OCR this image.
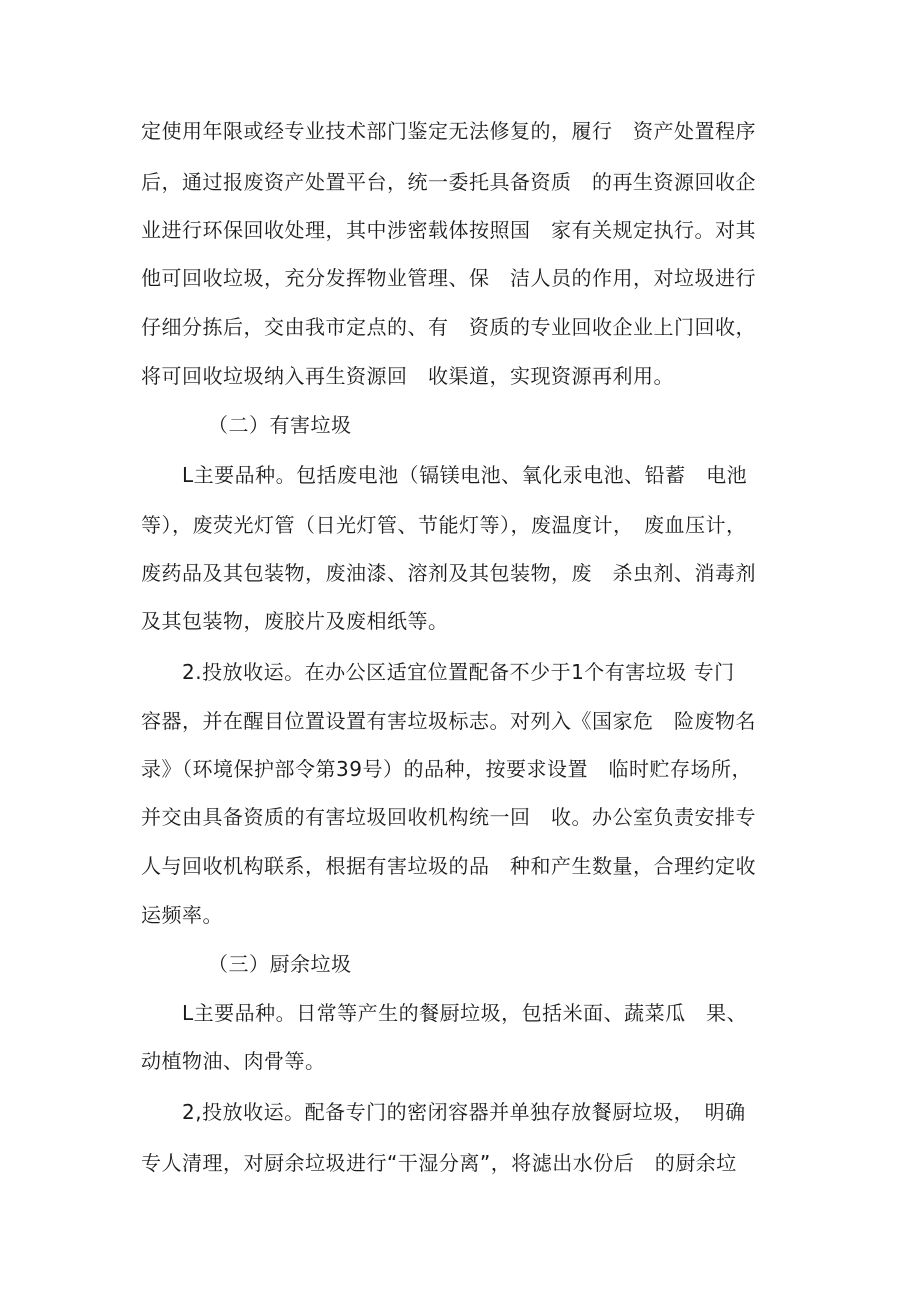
定使用年限或经专业技术部门鉴定无法修复的，履行　资产处置程序
后，通过报废资产处置平台，统一委托具备资质　的再生资源回收企
业进行环保回收处理，其中涉密载体按照国　家有关规定执行。对其
他可回收垃圾，充分发挥物业管理、保　洁人员的作用，对垃圾进行
仔细分拣后，交由我市定点的、有　资质的专业回收企业上门回收，
将可回收垃圾纳入再生资源回　收渠道，实现资源再利用。
（二）有害垃圾
　　L主要品种。包括废电池（镉镁电池、氧化汞电池、铅蓄　电池
等），废荧光灯管（日光灯管、节能灯等），废温度计，　废血压计，
废药品及其包装物，废油漆、溶剂及其包装物，废　杀虫剂、消毒剂
及其包装物，废胶片及废相纸等。
　　2.投放收运。在办公区适宜位置配备不少于1个有害垃圾 专门
容器，并在醒目位置设置有害垃圾标志。对列入《国家危　险废物名
录》（环境保护部令第39号）的品种，按要求设置　临时贮存场所，
并交由具备资质的有害垃圾回收机构统一回　收。办公室负责安排专
人与回收机构联系，根据有害垃圾的品　种和产生数量，合理约定收
运频率。
（三）厨余垃圾
　　L主要品种。日常等产生的餐厨垃圾，包括米面、蔬菜瓜　果、
动植物油、肉骨等。
　　2,投放收运。配备专门的密闭容器并单独存放餐厨垃圾，　明确
专人清理，对厨余垃圾进行“干湿分离”，将滤出水份后　的厨余垃
